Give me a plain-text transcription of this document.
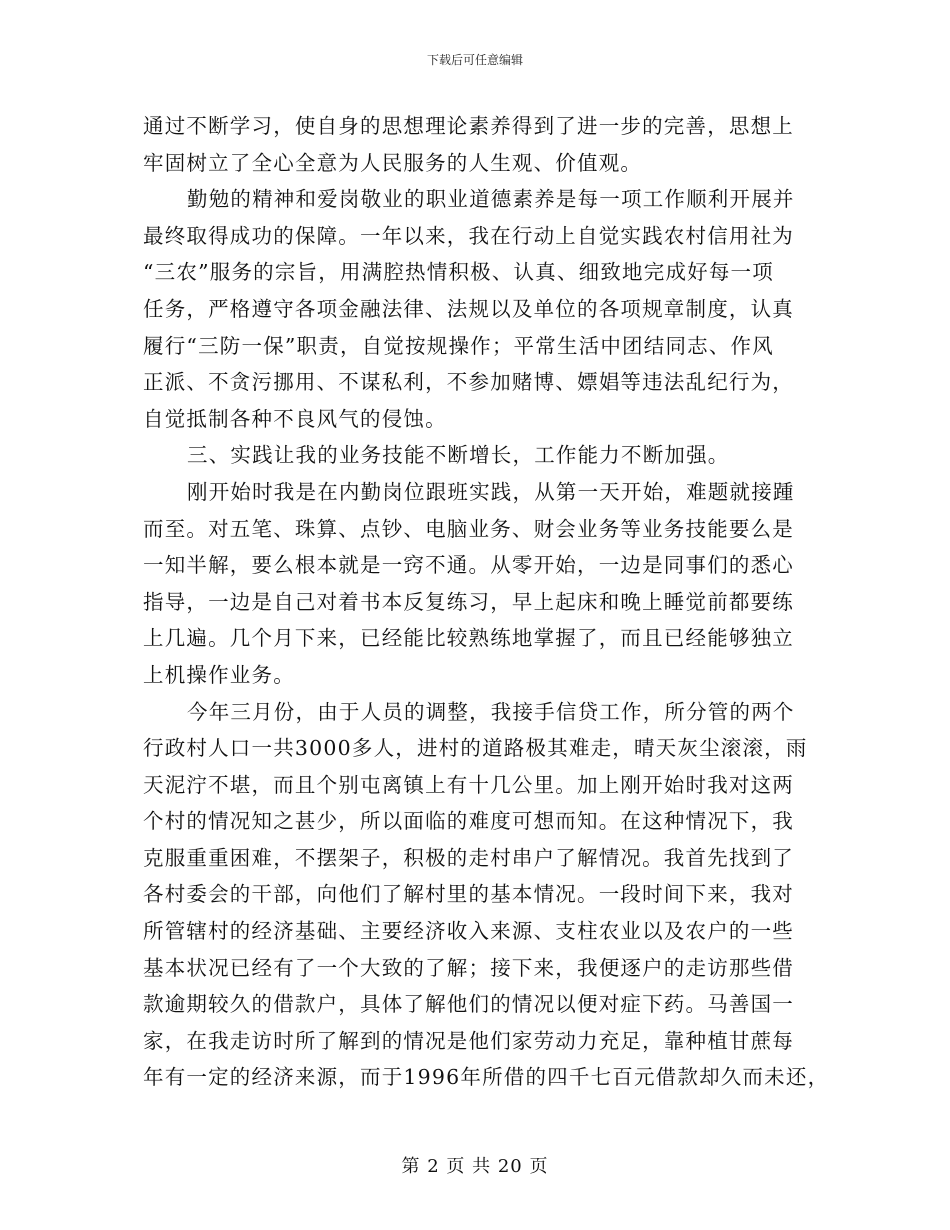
下载后可任意编辑
通过不断学习，使自身的思想理论素养得到了进一步的完善，思想上
牢固树立了全心全意为人民服务的人生观、价值观。
勤勉的精神和爱岗敬业的职业道德素养是每一项工作顺利开展并
最终取得成功的保障。一年以来，我在行动上自觉实践农村信用社为
“三农”服务的宗旨，用满腔热情积极、认真、细致地完成好每一项
任务，严格遵守各项金融法律、法规以及单位的各项规章制度，认真
履行“三防一保”职责，自觉按规操作；平常生活中团结同志、作风
正派、不贪污挪用、不谋私利，不参加赌博、嫖娼等违法乱纪行为，
自觉抵制各种不良风气的侵蚀。
三、实践让我的业务技能不断增长，工作能力不断加强。
刚开始时我是在内勤岗位跟班实践，从第一天开始，难题就接踵
而至。对五笔、珠算、点钞、电脑业务、财会业务等业务技能要么是
一知半解，要么根本就是一窍不通。从零开始，一边是同事们的悉心
指导，一边是自己对着书本反复练习，早上起床和晚上睡觉前都要练
上几遍。几个月下来，已经能比较熟练地掌握了，而且已经能够独立
上机操作业务。
今年三月份，由于人员的调整，我接手信贷工作，所分管的两个
行政村人口一共3000多人，进村的道路极其难走，晴天灰尘滚滚，雨
天泥泞不堪，而且个别屯离镇上有十几公里。加上刚开始时我对这两
个村的情况知之甚少，所以面临的难度可想而知。在这种情况下，我
克服重重困难，不摆架子，积极的走村串户了解情况。我首先找到了
各村委会的干部，向他们了解村里的基本情况。一段时间下来，我对
所管辖村的经济基础、主要经济收入来源、支柱农业以及农户的一些
基本状况已经有了一个大致的了解；接下来，我便逐户的走访那些借
款逾期较久的借款户，具体了解他们的情况以便对症下药。马善国一
家，在我走访时所了解到的情况是他们家劳动力充足，靠种植甘蔗每
年有一定的经济来源，而于1996年所借的四千七百元借款却久而未还，
第 2 页 共 20 页
